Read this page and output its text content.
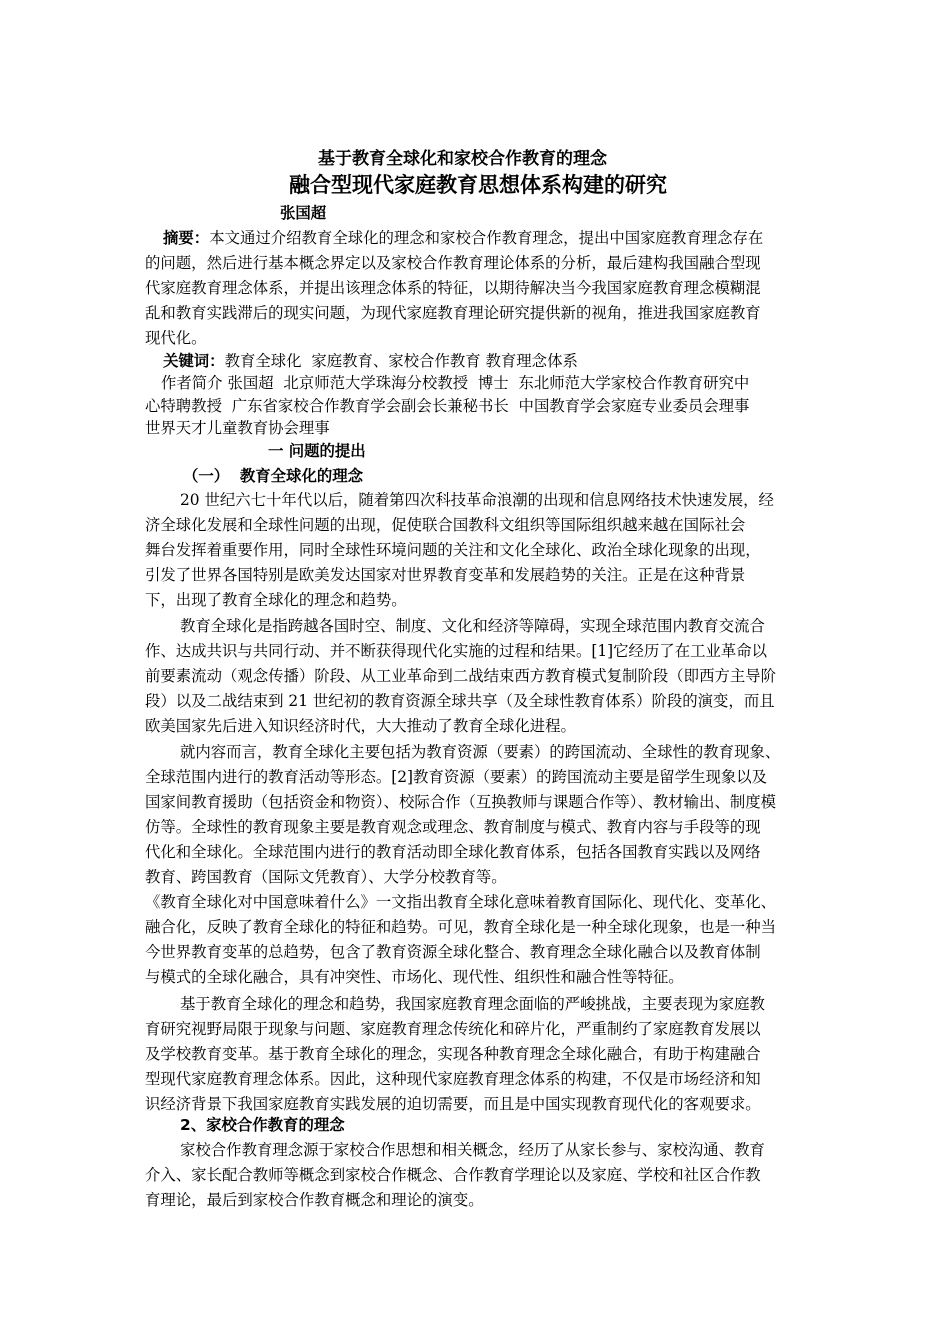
基于教育全球化和家校合作教育的理念
融合型现代家庭教育思想体系构建的研究
张国超
摘要：本文通过介绍教育全球化的理念和家校合作教育理念，提出中国家庭教育理念存在
的问题，然后进行基本概念界定以及家校合作教育理论体系的分析，最后建构我国融合型现
代家庭教育理念体系，并提出该理念体系的特征，以期待解决当今我国家庭教育理念模糊混
乱和教育实践滞后的现实问题，为现代家庭教育理论研究提供新的视角，推进我国家庭教育
现代化。
关键词：教育全球化  家庭教育、家校合作教育 教育理念体系
作者简介 张国超  北京师范大学珠海分校教授  博士  东北师范大学家校合作教育研究中
心特聘教授  广东省家校合作教育学会副会长兼秘书长  中国教育学会家庭专业委员会理事
世界天才儿童教育协会理事
一 问题的提出
（一）  教育全球化的理念
20 世纪六七十年代以后，随着第四次科技革命浪潮的出现和信息网络技术快速发展，经
济全球化发展和全球性问题的出现，促使联合国教科文组织等国际组织越来越在国际社会
舞台发挥着重要作用，同时全球性环境问题的关注和文化全球化、政治全球化现象的出现，
引发了世界各国特别是欧美发达国家对世界教育变革和发展趋势的关注。正是在这种背景
下，出现了教育全球化的理念和趋势。
教育全球化是指跨越各国时空、制度、文化和经济等障碍，实现全球范围内教育交流合
作、达成共识与共同行动、并不断获得现代化实施的过程和结果。[1]它经历了在工业革命以
前要素流动（观念传播）阶段、从工业革命到二战结束西方教育模式复制阶段（即西方主导阶
段）以及二战结束到 21 世纪初的教育资源全球共享（及全球性教育体系）阶段的演变，而且
欧美国家先后进入知识经济时代，大大推动了教育全球化进程。
就内容而言，教育全球化主要包括为教育资源（要素）的跨国流动、全球性的教育现象、
全球范围内进行的教育活动等形态。[2]教育资源（要素）的跨国流动主要是留学生现象以及
国家间教育援助（包括资金和物资）、校际合作（互换教师与课题合作等）、教材输出、制度模
仿等。全球性的教育现象主要是教育观念或理念、教育制度与模式、教育内容与手段等的现
代化和全球化。全球范围内进行的教育活动即全球化教育体系，包括各国教育实践以及网络
教育、跨国教育（国际文凭教育）、大学分校教育等。
《教育全球化对中国意味着什么》一文指出教育全球化意味着教育国际化、现代化、变革化、
融合化，反映了教育全球化的特征和趋势。可见，教育全球化是一种全球化现象，也是一种当
今世界教育变革的总趋势，包含了教育资源全球化整合、教育理念全球化融合以及教育体制
与模式的全球化融合，具有冲突性、市场化、现代性、组织性和融合性等特征。
基于教育全球化的理念和趋势，我国家庭教育理念面临的严峻挑战，主要表现为家庭教
育研究视野局限于现象与问题、家庭教育理念传统化和碎片化，严重制约了家庭教育发展以
及学校教育变革。基于教育全球化的理念，实现各种教育理念全球化融合，有助于构建融合
型现代家庭教育理念体系。因此，这种现代家庭教育理念体系的构建，不仅是市场经济和知
识经济背景下我国家庭教育实践发展的迫切需要，而且是中国实现教育现代化的客观要求。
2、家校合作教育的理念
家校合作教育理念源于家校合作思想和相关概念，经历了从家长参与、家校沟通、教育
介入、家长配合教师等概念到家校合作概念、合作教育学理论以及家庭、学校和社区合作教
育理论，最后到家校合作教育概念和理论的演变。
